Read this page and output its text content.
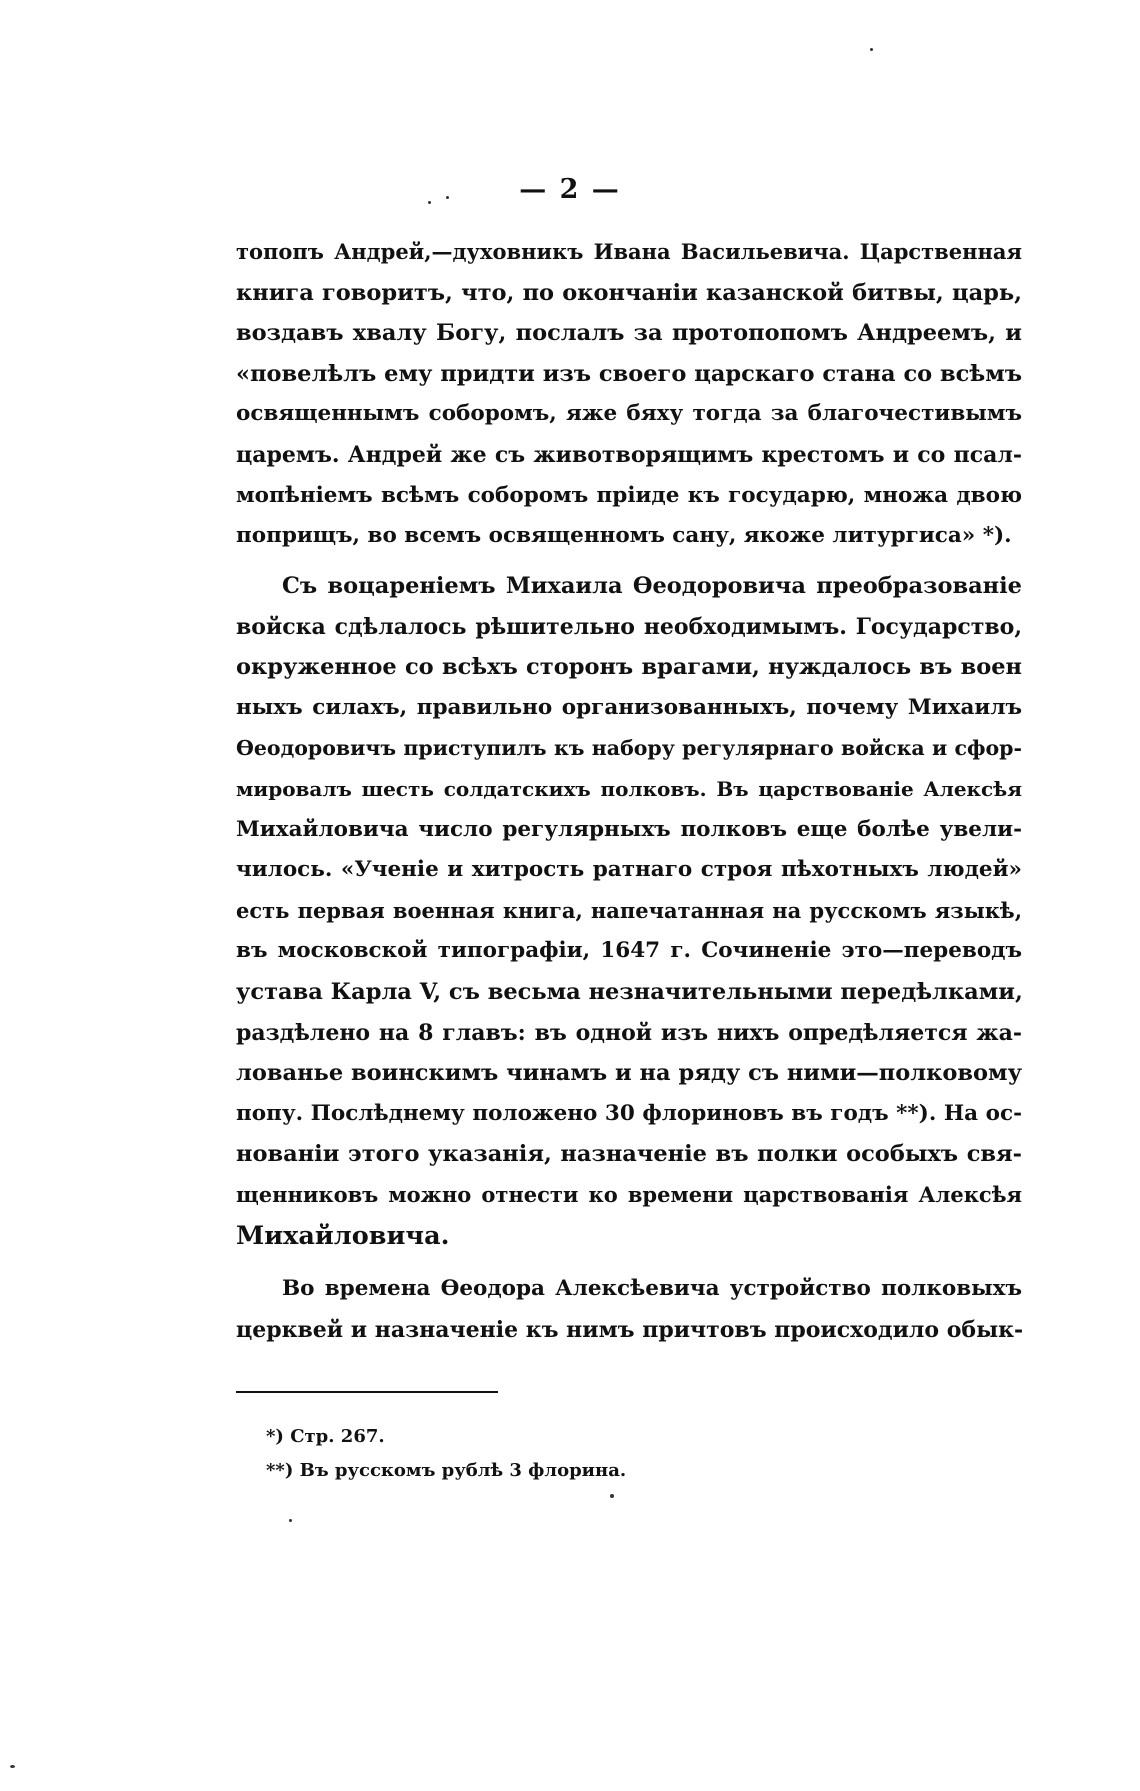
— 2 —
топопъ Андрей,—духовникъ Ивана Васильевича. Царственная
книга говоритъ, что, по окончаніи казанской битвы, царь,
воздавъ хвалу Богу, послалъ за протопопомъ Андреемъ, и
«повелѣлъ ему придти изъ своего царскаго стана со всѣмъ
освященнымъ соборомъ, яже бяху тогда за благочестивымъ
царемъ. Андрей же съ животворящимъ крестомъ и со псал-
мопѣніемъ всѣмъ соборомъ пріиде къ государю, множа двою
поприщъ, во всемъ освященномъ сану, якоже литургиса» *).
Съ воцареніемъ Михаила Ѳеодоровича преобразованіе
войска сдѣлалось рѣшительно необходимымъ. Государство,
окруженное со всѣхъ сторонъ врагами, нуждалось въ воен
ныхъ силахъ, правильно организованныхъ, почему Михаилъ
Ѳеодоровичъ приступилъ къ набору регулярнаго войска и сфор-
мировалъ шесть солдатскихъ полковъ. Въ царствованіе Алексѣя
Михайловича число регулярныхъ полковъ еще болѣе увели-
чилось. «Ученіе и хитрость ратнаго строя пѣхотныхъ людей»
есть первая военная книга, напечатанная на русскомъ языкѣ,
въ московской типографіи, 1647 г. Сочиненіе это—переводъ
устава Карла V, съ весьма незначительными передѣлками,
раздѣлено на 8 главъ: въ одной изъ нихъ опредѣляется жа-
лованье воинскимъ чинамъ и на ряду съ ними—полковому
попу. Послѣднему положено 30 флориновъ въ годъ **). На ос-
нованіи этого указанія, назначеніе въ полки особыхъ свя-
щенниковъ можно отнести ко времени царствованія Алексѣя
Михайловича.
Во времена Ѳеодора Алексѣевича устройство полковыхъ
церквей и назначеніе къ нимъ причтовъ происходило обык-
*) Стр. 267.
**) Въ русскомъ рублѣ 3 флорина.
